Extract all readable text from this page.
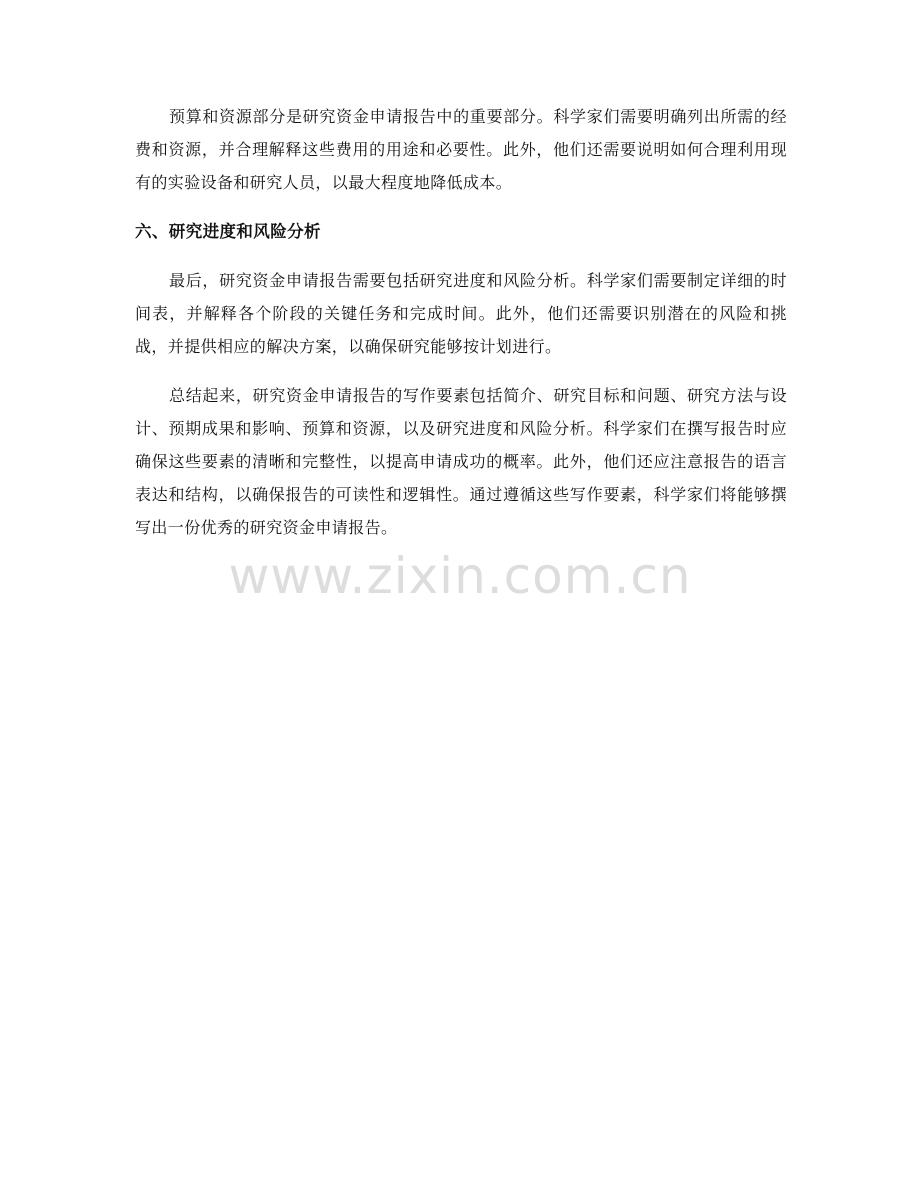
预算和资源部分是研究资金申请报告中的重要部分。科学家们需要明确列出所需的经费和资源，并合理解释这些费用的用途和必要性。此外，他们还需要说明如何合理利用现有的实验设备和研究人员，以最大程度地降低成本。

六、研究进度和风险分析

最后，研究资金申请报告需要包括研究进度和风险分析。科学家们需要制定详细的时间表，并解释各个阶段的关键任务和完成时间。此外，他们还需要识别潜在的风险和挑战，并提供相应的解决方案，以确保研究能够按计划进行。

总结起来，研究资金申请报告的写作要素包括简介、研究目标和问题、研究方法与设计、预期成果和影响、预算和资源，以及研究进度和风险分析。科学家们在撰写报告时应确保这些要素的清晰和完整性，以提高申请成功的概率。此外，他们还应注意报告的语言表达和结构，以确保报告的可读性和逻辑性。通过遵循这些写作要素，科学家们将能够撰写出一份优秀的研究资金申请报告。

www.zixin.com.cn
